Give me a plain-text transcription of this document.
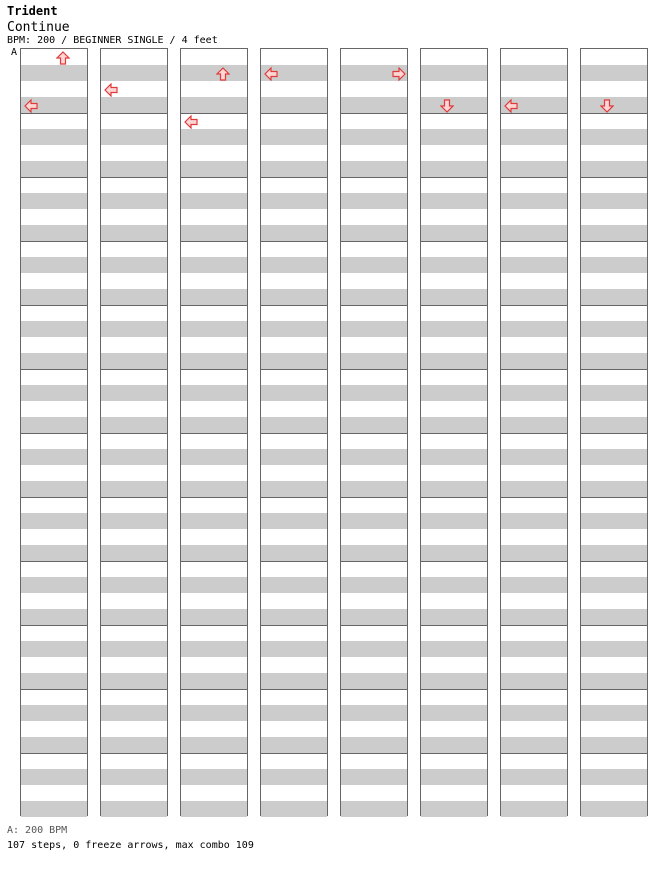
Trident
Continue
BPM: 200 / BEGINNER SINGLE / 4 feet
A
A: 200 BPM
107 steps, 0 freeze arrows, max combo 109
